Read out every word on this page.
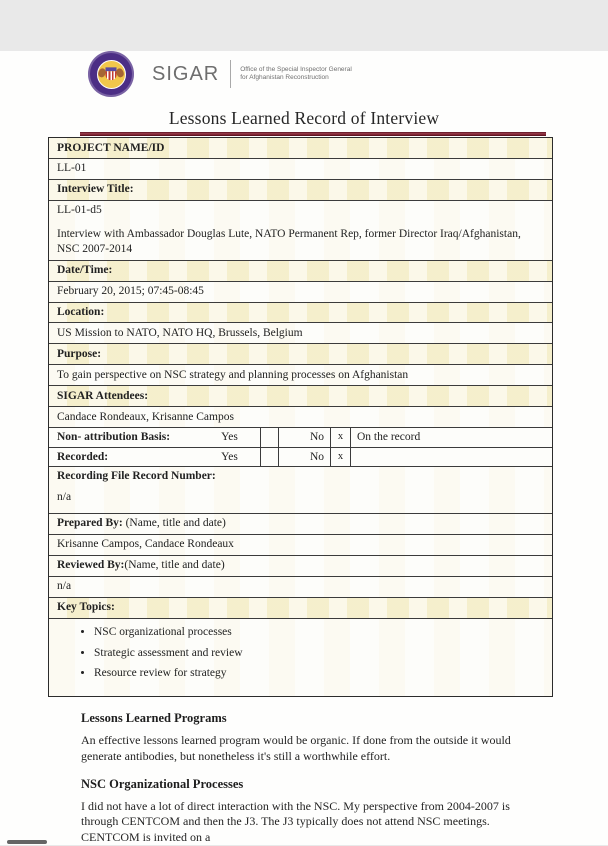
SIGAR	Office of the Special Inspector General
for Afghanistan Reconstruction
Lessons Learned Record of Interview
PROJECT NAME/ID
LL-01
Interview Title:
LL-01-d5
Interview with Ambassador Douglas Lute, NATO Permanent Rep, former Director Iraq/Afghanistan, NSC 2007-2014
Date/Time:
February 20, 2015; 07:45-08:45
Location:
US Mission to NATO, NATO HQ, Brussels, Belgium
Purpose:
To gain perspective on NSC strategy and planning processes on Afghanistan
SIGAR Attendees:
Candace Rondeaux, Krisanne Campos
Non- attribution Basis:	Yes	No	x	On the record
Recorded:	Yes	No	x
Recording File Record Number:
n/a
Prepared By: (Name, title and date)
Krisanne Campos, Candace Rondeaux
Reviewed By:(Name, title and date)
n/a
Key Topics:
• NSC organizational processes
• Strategic assessment and review
• Resource review for strategy
Lessons Learned Programs

An effective lessons learned program would be organic. If done from the outside it would generate antibodies, but nonetheless it's still a worthwhile effort.

NSC Organizational Processes

I did not have a lot of direct interaction with the NSC. My perspective from 2004-2007 is through CENTCOM and then the J3. The J3 typically does not attend NSC meetings. CENTCOM is invited on a
